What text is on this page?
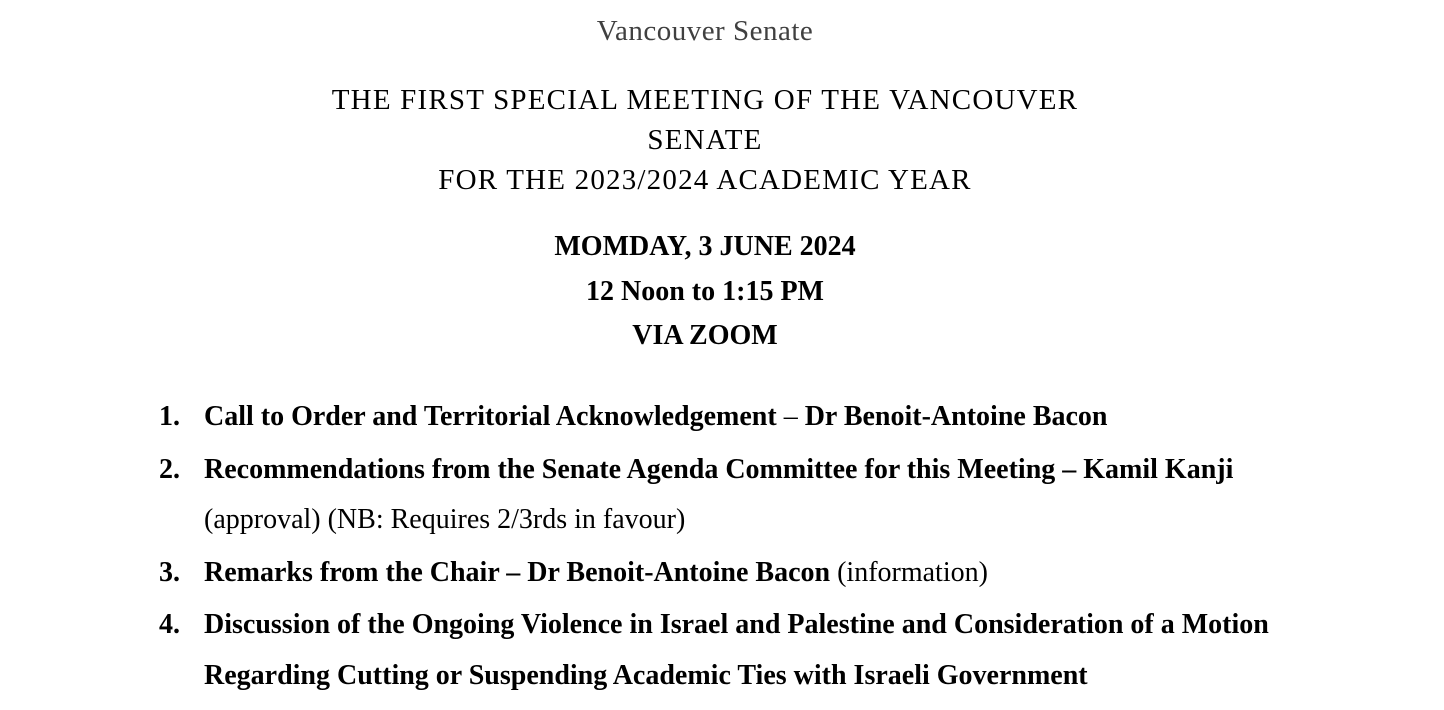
Vancouver Senate
THE FIRST SPECIAL MEETING OF THE VANCOUVER
SENATE
FOR THE 2023/2024 ACADEMIC YEAR
MOMDAY, 3 JUNE 2024
12 Noon to 1:15 PM
VIA ZOOM
1. Call to Order and Territorial Acknowledgement – Dr Benoit-Antoine Bacon
2. Recommendations from the Senate Agenda Committee for this Meeting – Kamil Kanji
(approval) (NB: Requires 2/3rds in favour)
3. Remarks from the Chair – Dr Benoit-Antoine Bacon (information)
4. Discussion of the Ongoing Violence in Israel and Palestine and Consideration of a Motion Regarding Cutting or Suspending Academic Ties with Israeli Government
